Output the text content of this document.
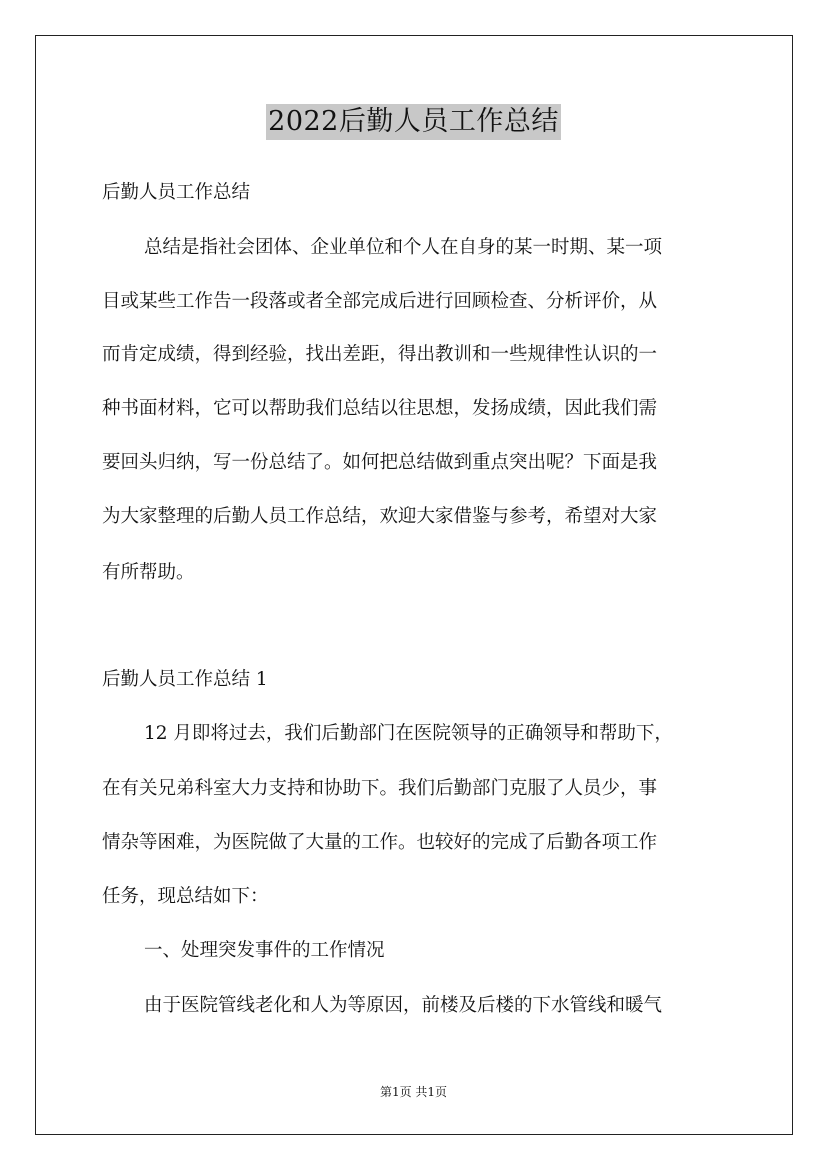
2022后勤人员工作总结
后勤人员工作总结
总结是指社会团体、企业单位和个人在自身的某一时期、某一项
目或某些工作告一段落或者全部完成后进行回顾检查、分析评价，从
而肯定成绩，得到经验，找出差距，得出教训和一些规律性认识的一
种书面材料，它可以帮助我们总结以往思想，发扬成绩，因此我们需
要回头归纳，写一份总结了。如何把总结做到重点突出呢？下面是我
为大家整理的后勤人员工作总结，欢迎大家借鉴与参考，希望对大家
有所帮助。
后勤人员工作总结 1
12 月即将过去，我们后勤部门在医院领导的正确领导和帮助下，
在有关兄弟科室大力支持和协助下。我们后勤部门克服了人员少，事
情杂等困难，为医院做了大量的工作。也较好的完成了后勤各项工作
任务，现总结如下：
一、处理突发事件的工作情况
由于医院管线老化和人为等原因，前楼及后楼的下水管线和暖气
第1页 共1页
